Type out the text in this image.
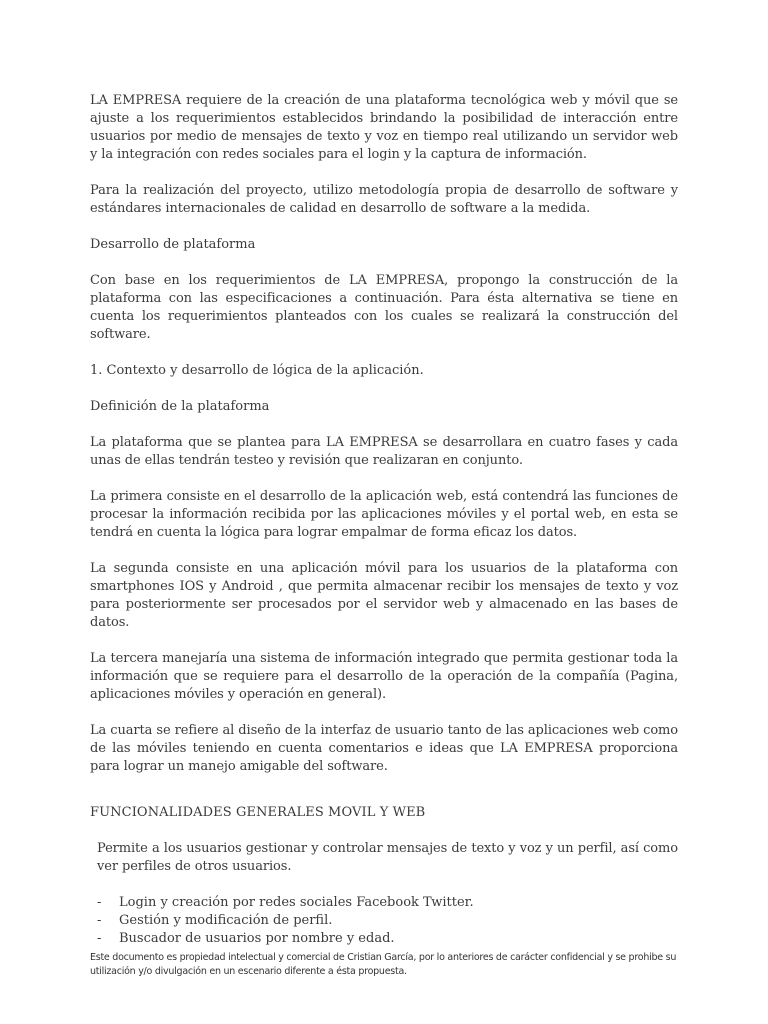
LA EMPRESA requiere de la creación de una plataforma tecnológica web y móvil que se ajuste a los requerimientos establecidos brindando la posibilidad de interacción entre usuarios por medio de mensajes de texto y voz en tiempo real utilizando un servidor web y la integración con redes sociales para el login y la captura de información.

Para la realización del proyecto, utilizo metodología propia de desarrollo de software y estándares internacionales de calidad en desarrollo de software a la medida.

Desarrollo de plataforma

Con base en los requerimientos de LA EMPRESA, propongo la construcción de la plataforma con las especificaciones a continuación. Para ésta alternativa se tiene en cuenta los requerimientos planteados con los cuales se realizará la construcción del software.

1. Contexto y desarrollo de lógica de la aplicación.

Definición de la plataforma

La plataforma que se plantea para LA EMPRESA se desarrollara en cuatro fases y cada unas de ellas tendrán testeo y revisión que realizaran en conjunto.

La primera consiste en el desarrollo de la aplicación web, está contendrá las funciones de procesar la información recibida por las aplicaciones móviles y el portal web, en esta se tendrá en cuenta la lógica para lograr empalmar de forma eficaz los datos.

La segunda consiste en una aplicación móvil para los usuarios de la plataforma con smartphones IOS y Android , que permita almacenar recibir los mensajes de texto y voz para posteriormente ser procesados por el servidor web y almacenado en las bases de datos.

La tercera manejaría una sistema de información integrado que permita gestionar toda la información que se requiere para el desarrollo de la operación de la compañía (Pagina, aplicaciones móviles y operación en general).

La cuarta se refiere al diseño de la interfaz de usuario tanto de las aplicaciones web como de las móviles teniendo en cuenta comentarios e ideas que LA EMPRESA proporciona para lograr un manejo amigable del software.

FUNCIONALIDADES GENERALES MOVIL Y WEB

Permite a los usuarios gestionar y controlar mensajes de texto y voz y un perfil, así como ver perfiles de otros usuarios.

- Login y creación por redes sociales Facebook Twitter.
- Gestión y modificación de perfil.
- Buscador de usuarios por nombre y edad.
Este documento es propiedad intelectual y comercial de Cristian García, por lo anteriores de carácter confidencial y se prohibe su utilización y/o divulgación en un escenario diferente a ésta propuesta.
